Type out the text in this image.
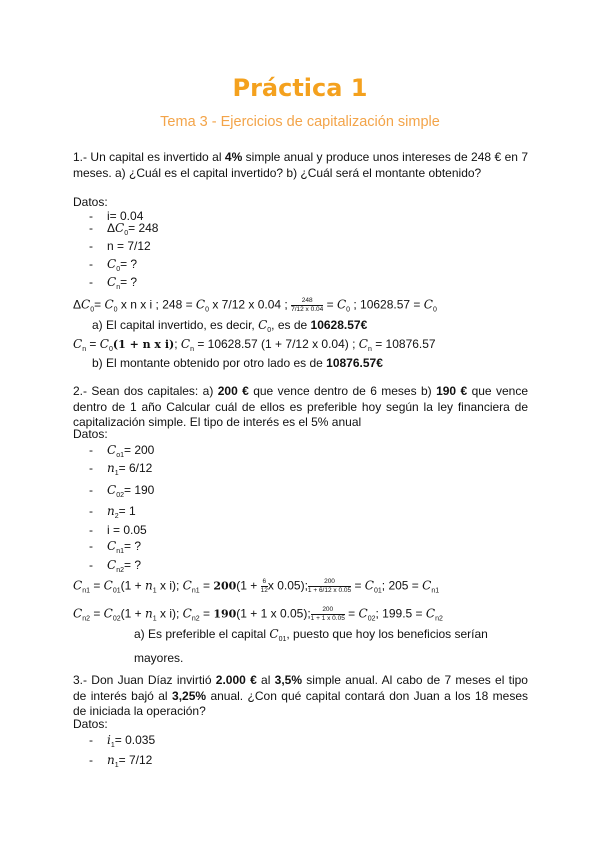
Práctica 1
Tema 3 - Ejercicios de capitalización simple
1.- Un capital es invertido al 4% simple anual y produce unos intereses de 248 € en 7 meses. a) ¿Cuál es el capital invertido? b) ¿Cuál será el montante obtenido?
Datos:
- i= 0.04
- $\Delta C_0= 248$
- n = 7/12
- $C_0=$ ?
- $C_n=$ ?
$\Delta C_0= C_0$ x n x i ; $248 = C_0$ x 7/12 x 0.04 ; $\frac{248}{7/12 x 0.04} = C_0$ ; $10628.57 = C_0$
a) El capital invertido, es decir, $C_0$, es de 10628.57€
$C_n = C_0(1 + n$ x i); $C_n = 10628.57$ (1 + 7/12 x 0.04) ; $C_n = 10876.57$
b) El montante obtenido por otro lado es de 10876.57€
2.- Sean dos capitales: a) 200 € que vence dentro de 6 meses b) 190 € que vence dentro de 1 año Calcular cuál de ellos es preferible hoy según la ley financiera de capitalización simple. El tipo de interés es el 5% anual
Datos:
- $C_{o1}= 200$
- $n_1= 6/12$
- $C_{02}= 190$
- $n_2= 1$
- i = 0.05
- $C_{n1}=$ ?
- $C_{n2}=$ ?
$C_{n1} = C_{01}(1 + n_1$ x i); $C_{n1} = 200(1 + \frac{6}{12}$ x 0.05); $\frac{200}{1 + 6/12 x 0.05} = C_{01}$; $205 = C_{n1}$
$C_{n2} = C_{02}(1 + n_1$ x i); $C_{n2} = 190(1 + 1$ x 0.05); $\frac{200}{1 + 1 x 0.05} = C_{02}$; $199.5 = C_{n2}$
a) Es preferible el capital $C_{01}$, puesto que hoy los beneficios serían mayores.
3.- Don Juan Díaz invirtió 2.000 € al 3,5% simple anual. Al cabo de 7 meses el tipo de interés bajó al 3,25% anual. ¿Con qué capital contará don Juan a los 18 meses de iniciada la operación?
Datos:
- $i_1= 0.035$
- $n_1= 7/12$
